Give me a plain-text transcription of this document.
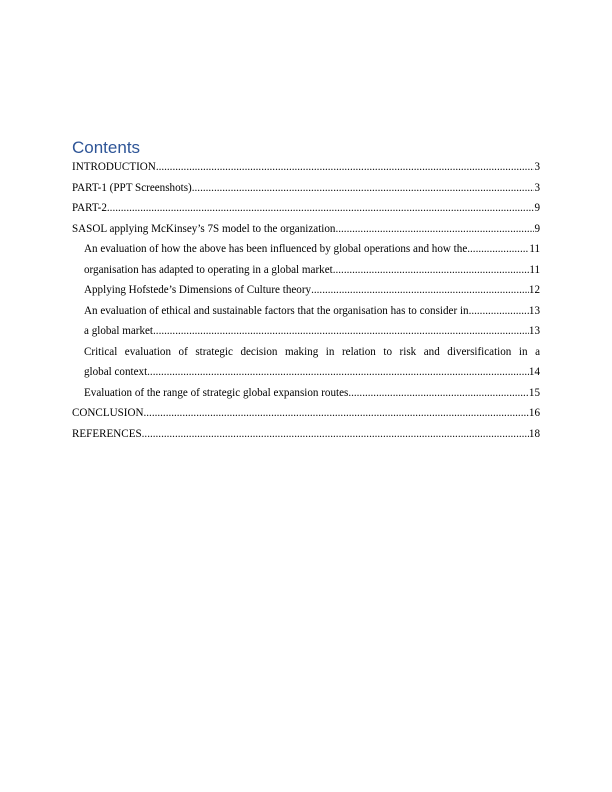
Contents
INTRODUCTION .....	3
PART-1 (PPT Screenshots) .....	3
PART-2 .....	9
SASOL applying McKinsey’s 7S model to the organization .....	9
An evaluation of how the above has been influenced by global operations and how the .....	11
organisation has adapted to operating in a global market .....	11
Applying Hofstede’s Dimensions of Culture theory .....	12
An evaluation of ethical and sustainable factors that the organisation has to consider in .....	13
a global market .....	13
Critical evaluation of strategic decision making in relation to risk and diversification in a
global context .....	14
Evaluation of the range of strategic global expansion routes .....	15
CONCLUSION .....	16
REFERENCES .....	18
